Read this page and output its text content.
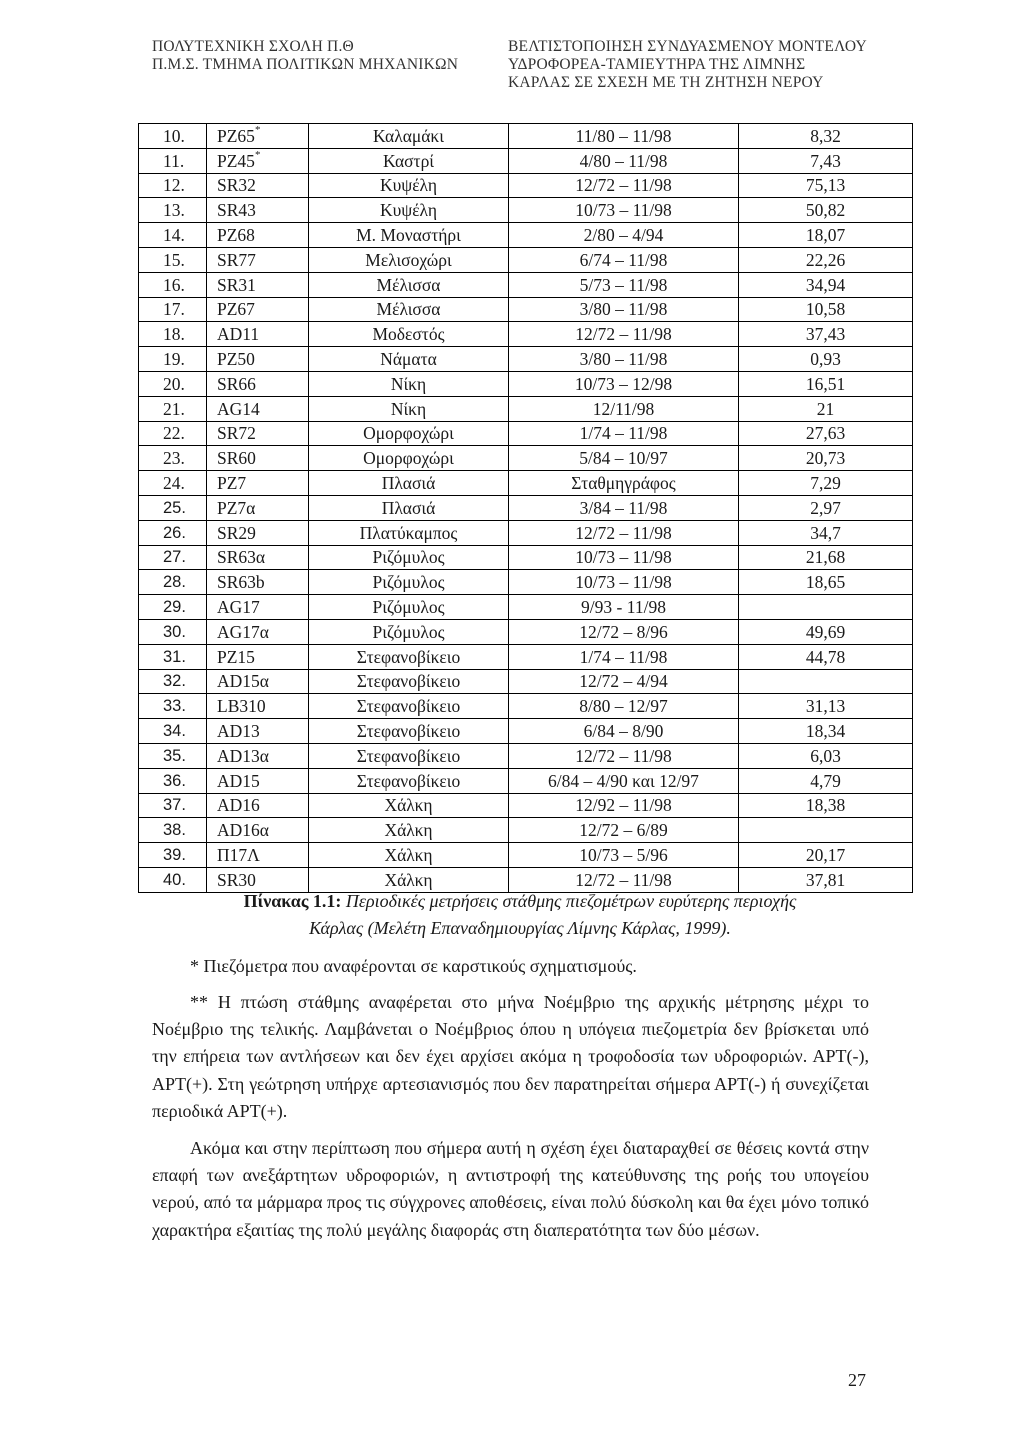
ΠΟΛΥΤΕΧΝΙΚΗ ΣΧΟΛΗ Π.Θ
Π.Μ.Σ. ΤΜΗΜΑ ΠΟΛΙΤΙΚΩΝ ΜΗΧΑΝΙΚΩΝ
ΒΕΛΤΙΣΤΟΠΟΙΗΣΗ ΣΥΝΔΥΑΣΜΕΝΟΥ ΜΟΝΤΕΛΟΥ
ΥΔΡΟΦΟΡΕΑ-ΤΑΜΙΕΥΤΗΡΑ ΤΗΣ ΛΙΜΝΗΣ
ΚΑΡΛΑΣ ΣΕ ΣΧΕΣΗ ΜΕ ΤΗ ΖΗΤΗΣΗ ΝΕΡΟΥ
10.	PZ65*	Καλαμάκι	11/80 – 11/98	8,32
11.	PZ45*	Καστρί	4/80 – 11/98	7,43
12.	SR32	Κυψέλη	12/72 – 11/98	75,13
13.	SR43	Κυψέλη	10/73 – 11/98	50,82
14.	PZ68	Μ. Μοναστήρι	2/80 – 4/94	18,07
15.	SR77	Μελισοχώρι	6/74 – 11/98	22,26
16.	SR31	Μέλισσα	5/73 – 11/98	34,94
17.	PZ67	Μέλισσα	3/80 – 11/98	10,58
18.	AD11	Μοδεστός	12/72 – 11/98	37,43
19.	PZ50	Νάματα	3/80 – 11/98	0,93
20.	SR66	Νίκη	10/73 – 12/98	16,51
21.	AG14	Νίκη	12/11/98	21
22.	SR72	Ομορφοχώρι	1/74 – 11/98	27,63
23.	SR60	Ομορφοχώρι	5/84 – 10/97	20,73
24.	PZ7	Πλασιά	Σταθμηγράφος	7,29
25.	PZ7α	Πλασιά	3/84 – 11/98	2,97
26.	SR29	Πλατύκαμπος	12/72 – 11/98	34,7
27.	SR63α	Ριζόμυλος	10/73 – 11/98	21,68
28.	SR63b	Ριζόμυλος	10/73 – 11/98	18,65
29.	AG17	Ριζόμυλος	9/93 - 11/98	
30.	AG17α	Ριζόμυλος	12/72 – 8/96	49,69
31.	PZ15	Στεφανοβίκειο	1/74 – 11/98	44,78
32.	AD15α	Στεφανοβίκειο	12/72 – 4/94	
33.	LB310	Στεφανοβίκειο	8/80 – 12/97	31,13
34.	AD13	Στεφανοβίκειο	6/84 – 8/90	18,34
35.	AD13α	Στεφανοβίκειο	12/72 – 11/98	6,03
36.	AD15	Στεφανοβίκειο	6/84 – 4/90 και 12/97	4,79
37.	AD16	Χάλκη	12/92 – 11/98	18,38
38.	AD16α	Χάλκη	12/72 – 6/89	
39.	Π17Λ	Χάλκη	10/73 – 5/96	20,17
40.	SR30	Χάλκη	12/72 – 11/98	37,81
Πίνακας 1.1: Περιοδικές μετρήσεις στάθμης πιεζομέτρων ευρύτερης περιοχής
Κάρλας (Μελέτη Επαναδημιουργίας Λίμνης Κάρλας, 1999).
* Πιεζόμετρα που αναφέρονται σε καρστικούς σχηματισμούς.
** Η πτώση στάθμης αναφέρεται στο μήνα Νοέμβριο της αρχικής μέτρησης μέχρι το Νοέμβριο της τελικής. Λαμβάνεται ο Νοέμβριος όπου η υπόγεια πιεζομετρία δεν βρίσκεται υπό την επήρεια των αντλήσεων και δεν έχει αρχίσει ακόμα η τροφοδοσία των υδροφοριών. ΑΡΤ(-), ΑΡΤ(+). Στη γεώτρηση υπήρχε αρτεσιανισμός που δεν παρατηρείται σήμερα ΑΡΤ(-) ή συνεχίζεται περιοδικά ΑΡΤ(+).
Ακόμα και στην περίπτωση που σήμερα αυτή η σχέση έχει διαταραχθεί σε θέσεις κοντά στην επαφή των ανεξάρτητων υδροφοριών, η αντιστροφή της κατεύθυνσης της ροής του υπογείου νερού, από τα μάρμαρα προς τις σύγχρονες αποθέσεις, είναι πολύ δύσκολη και θα έχει μόνο τοπικό χαρακτήρα εξαιτίας της πολύ μεγάλης διαφοράς στη διαπερατότητα των δύο μέσων.
27
